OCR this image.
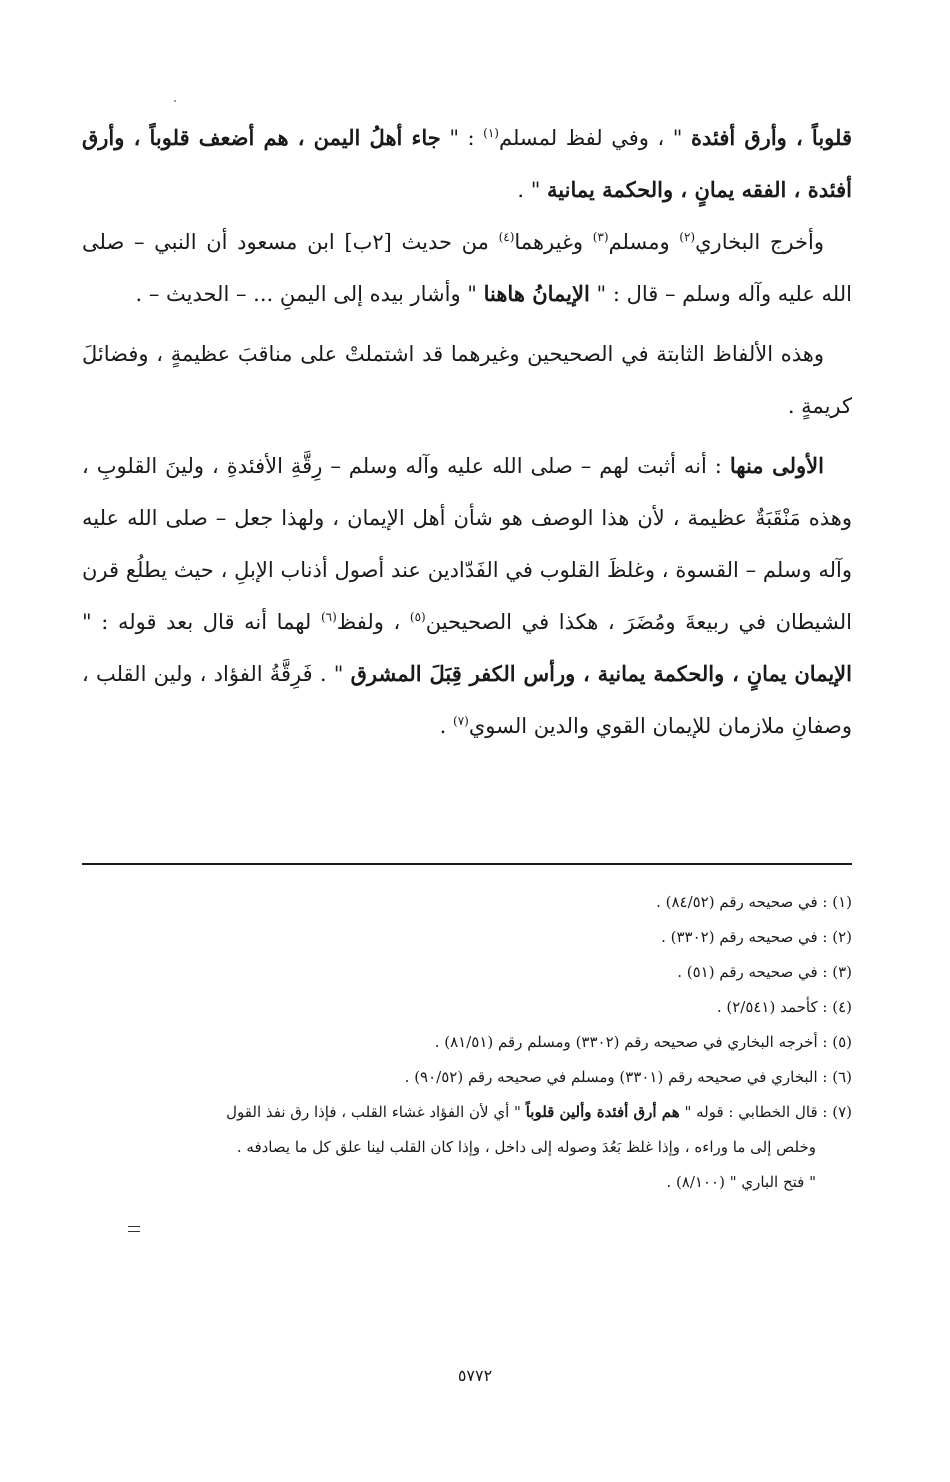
قلوباً ، وأرق أفئدة " ، وفي لفظ لمسلم$^{(١)}$ : " جاء أهلُ اليمن ، هم أضعف قلوباً ، وأرق أفئدة ، الفقه يمانٍ ، والحكمة يمانية " .

وأخرج البخاري$^{(٢)}$ ومسلم$^{(٣)}$ وغيرهما$^{(٤)}$ من حديث [٢ب] ابن مسعود أن النبي – صلى الله عليه وآله وسلم – قال : " الإيمانُ هاهنا " وأشار بيده إلى اليمنِ ... – الحديث – .

وهذه الألفاظ الثابتة في الصحيحين وغيرهما قد اشتملتْ على مناقبَ عظيمةٍ ، وفضائلَ كريمةٍ .

الأولى منها : أنه أثبت لهم – صلى الله عليه وآله وسلم – رِقَّةِ الأفئدةِ ، ولينَ القلوبِ ، وهذه مَنْقَبَةٌ عظيمة ، لأن هذا الوصف هو شأن أهل الإيمان ، ولهذا جعل – صلى الله عليه وآله وسلم – القسوة ، وغلظَ القلوب في الفَدّادين عند أصول أذناب الإبلِ ، حيث يطلُع قرن الشيطان في ربيعةَ ومُضَرَ ، هكذا في الصحيحين$^{(٥)}$ ، ولفظ$^{(٦)}$ لهما أنه قال بعد قوله : " الإيمان يمانٍ ، والحكمة يمانية ، ورأس الكفر قِبَلَ المشرق " . فَرِقَّةُ الفؤاد ، ولين القلب ، وصفانِ ملازمان للإيمان القوي والدين السوي$^{(٧)}$ .

(١) : في صحيحه رقم (٨٤/٥٢) .

(٢) : في صحيحه رقم (٣٣٠٢) .

(٣) : في صحيحه رقم (٥١) .

(٤) : كأحمد (٢/٥٤١) .

(٥) : أخرجه البخاري في صحيحه رقم (٣٣٠٢) ومسلم رقم (٨١/٥١) .

(٦) : البخاري في صحيحه رقم (٣٣٠١) ومسلم في صحيحه رقم (٩٠/٥٢) .

(٧) : قال الخطابي : قوله " هم أرق أفئدة وألين قلوباً " أي لأن الفؤاد غشاء القلب ، فإذا رق نفذ القول

وخلص إلى ما وراءه ، وإذا غلظ بَعُدَ وصوله إلى داخل ، وإذا كان القلب لينا علق كل ما يصادفه .

" فتح الباري " (٨/١٠٠) .

٥٧٧٢
